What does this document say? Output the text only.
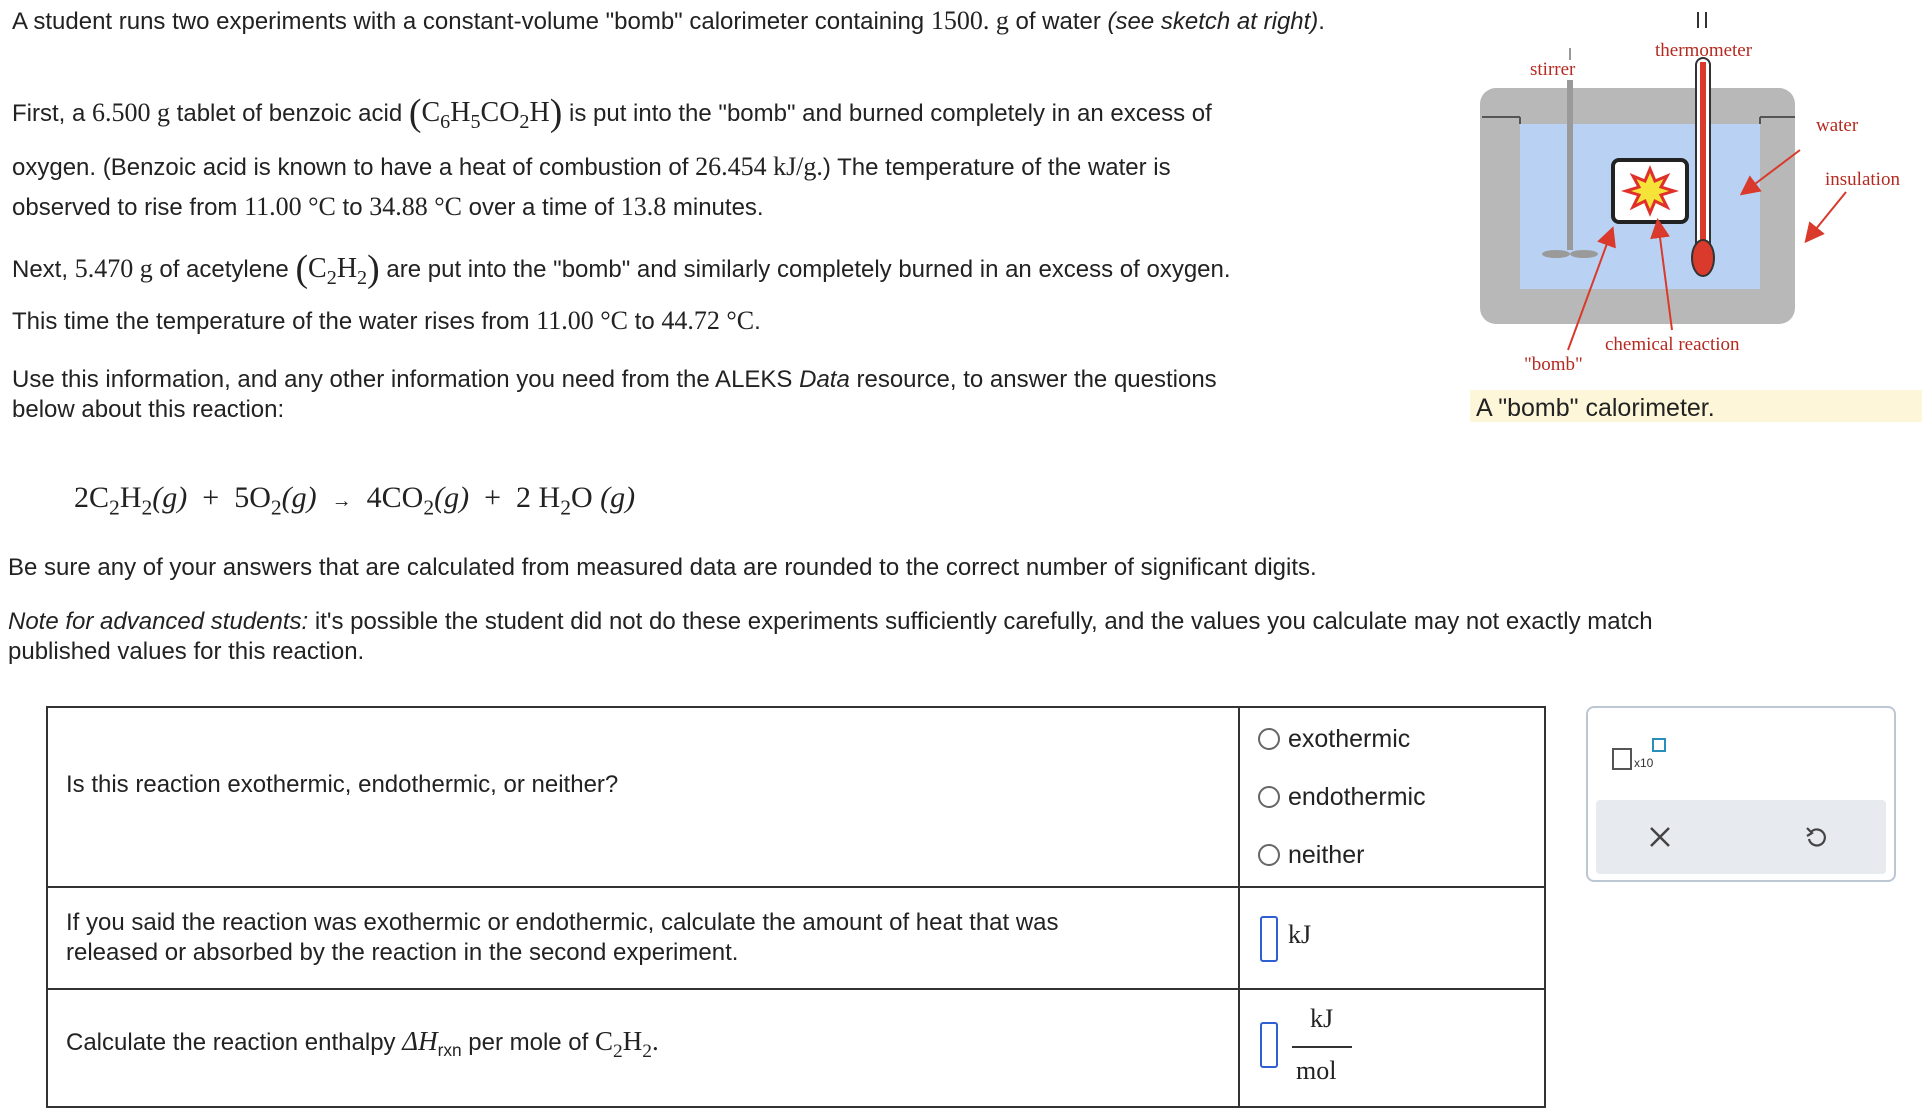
A student runs two experiments with a constant-volume "bomb" calorimeter containing 1500. g of water (see sketch at right).
First, a 6.500 g tablet of benzoic acid $(C_6H_5CO_2H)$ is put into the "bomb" and burned completely in an excess of
oxygen. (Benzoic acid is known to have a heat of combustion of 26.454 kJ/g.) The temperature of the water is
observed to rise from 11.00 °C to 34.88 °C over a time of 13.8 minutes.
Next, 5.470 g of acetylene $(C_2H_2)$ are put into the "bomb" and similarly completely burned in an excess of oxygen.
This time the temperature of the water rises from 11.00 °C to 44.72 °C.
Use this information, and any other information you need from the ALEKS Data resource, to answer the questions
below about this reaction:
$2C_2H_2(g) + 5O_2(g) \to 4CO_2(g) + 2$ $H_2O$ (g)
Be sure any of your answers that are calculated from measured data are rounded to the correct number of significant digits.
Note for advanced students: it's possible the student did not do these experiments sufficiently carefully, and the values you calculate may not exactly match
published values for this reaction.
stirrer
thermometer
water
insulation
chemical reaction
"bomb"
A "bomb" calorimeter.
Is this reaction exothermic, endothermic, or neither?
exothermic
endothermic
neither
If you said the reaction was exothermic or endothermic, calculate the amount of heat that was
released or absorbed by the reaction in the second experiment.
kJ
Calculate the reaction enthalpy $\Delta H_{rxn}$ per mole of $C_2H_2$.
kJ
mol
x10
